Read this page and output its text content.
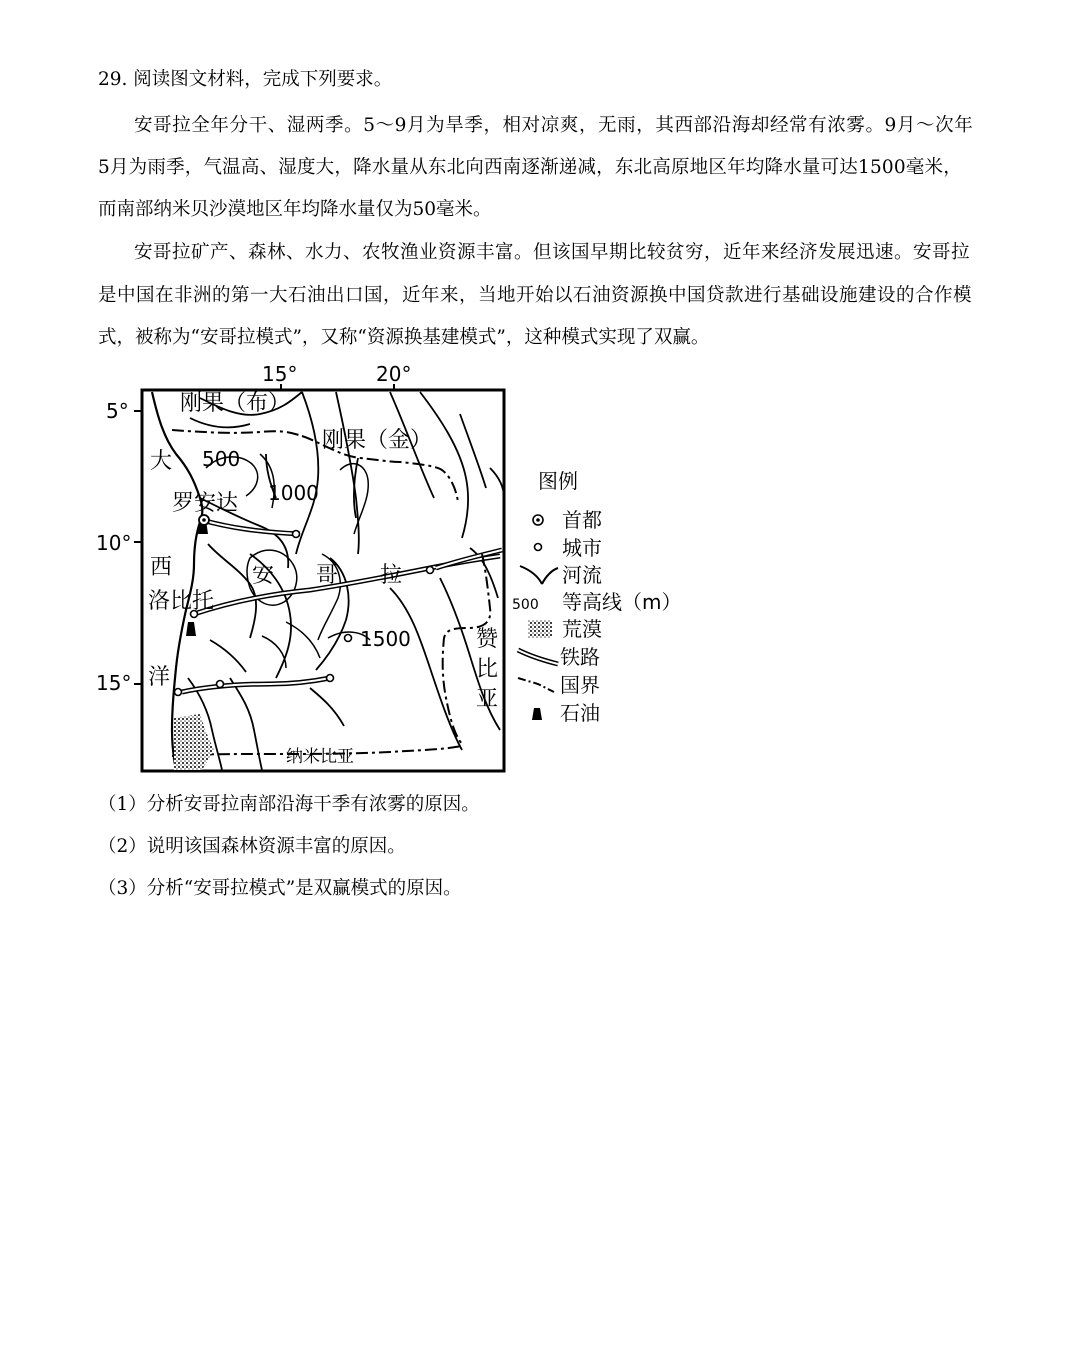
29. 阅读图文材料，完成下列要求。
安哥拉全年分干、湿两季。5～9月为旱季，相对凉爽，无雨，其西部沿海却经常有浓雾。9月～次年
5月为雨季，气温高、湿度大，降水量从东北向西南逐渐递减，东北高原地区年均降水量可达1500毫米，
而南部纳米贝沙漠地区年均降水量仅为50毫米。
安哥拉矿产、森林、水力、农牧渔业资源丰富。但该国早期比较贫穷，近年来经济发展迅速。安哥拉
是中国在非洲的第一大石油出口国，近年来，当地开始以石油资源换中国贷款进行基础设施建设的合作模
式，被称为“安哥拉模式”，又称“资源换基建模式”，这种模式实现了双赢。
15°	20°
5°
10°
15°
刚果（布）
刚果（金）
大
西
洋
罗安达
洛比托
安 哥 拉
赞
比
亚
纳米比亚
500
1000
1500
图例
首都
城市
河流
500 等高线（m）
荒漠
铁路
国界
石油
（1）分析安哥拉南部沿海干季有浓雾的原因。
（2）说明该国森林资源丰富的原因。
（3）分析“安哥拉模式”是双赢模式的原因。
